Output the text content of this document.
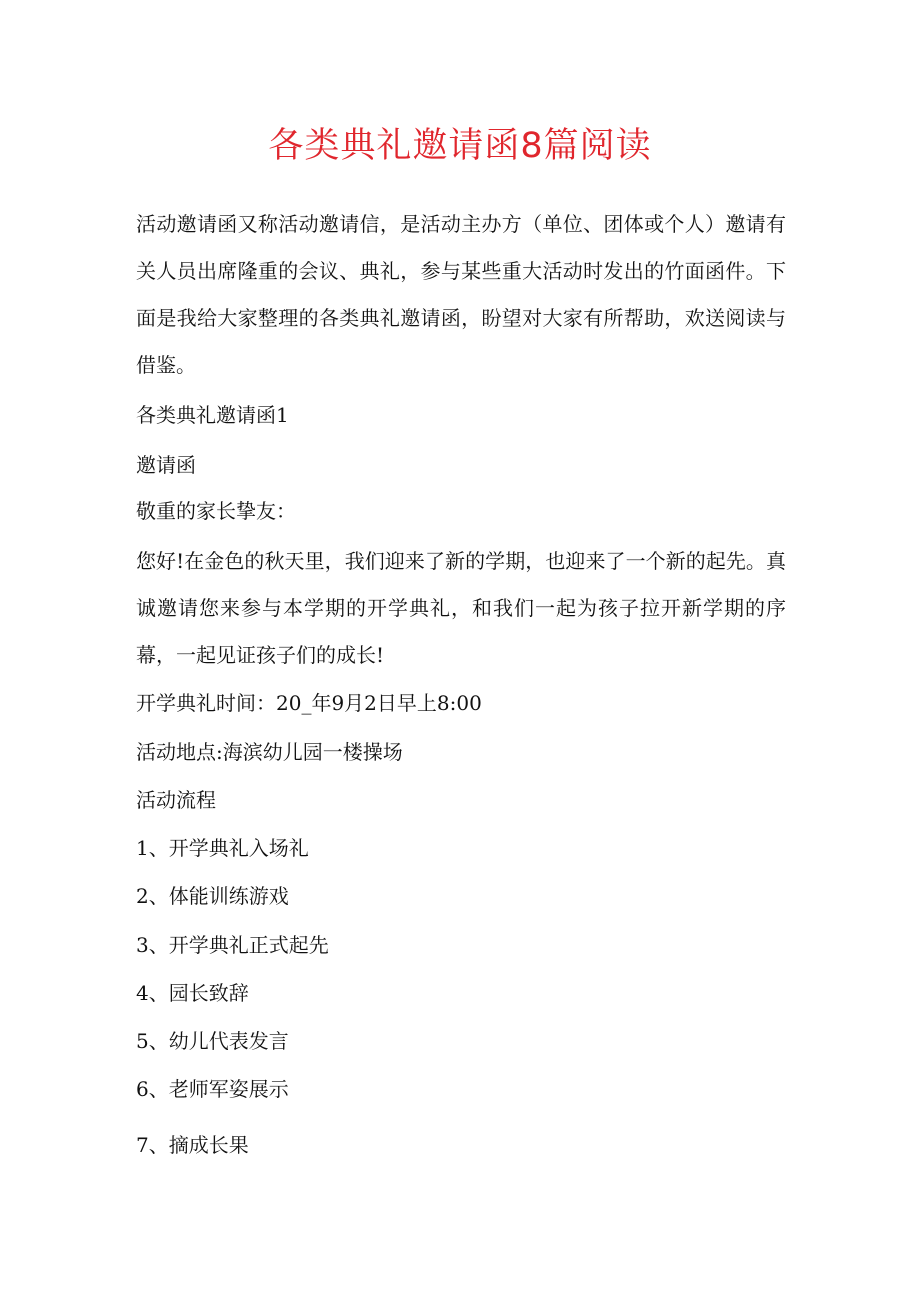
各类典礼邀请函8篇阅读
活动邀请函又称活动邀请信，是活动主办方（单位、团体或个人）邀请有关人员出席隆重的会议、典礼，参与某些重大活动时发出的竹面函件。下面是我给大家整理的各类典礼邀请函，盼望对大家有所帮助，欢送阅读与借鉴。
各类典礼邀请函1
邀请函
敬重的家长挚友：
您好!在金色的秋天里，我们迎来了新的学期，也迎来了一个新的起先。真诚邀请您来参与本学期的开学典礼，和我们一起为孩子拉开新学期的序幕，一起见证孩子们的成长!
开学典礼时间：20_年9月2日早上8:00
活动地点:海滨幼儿园一楼操场
活动流程
1、开学典礼入场礼
2、体能训练游戏
3、开学典礼正式起先
4、园长致辞
5、幼儿代表发言
6、老师军姿展示
7、摘成长果
